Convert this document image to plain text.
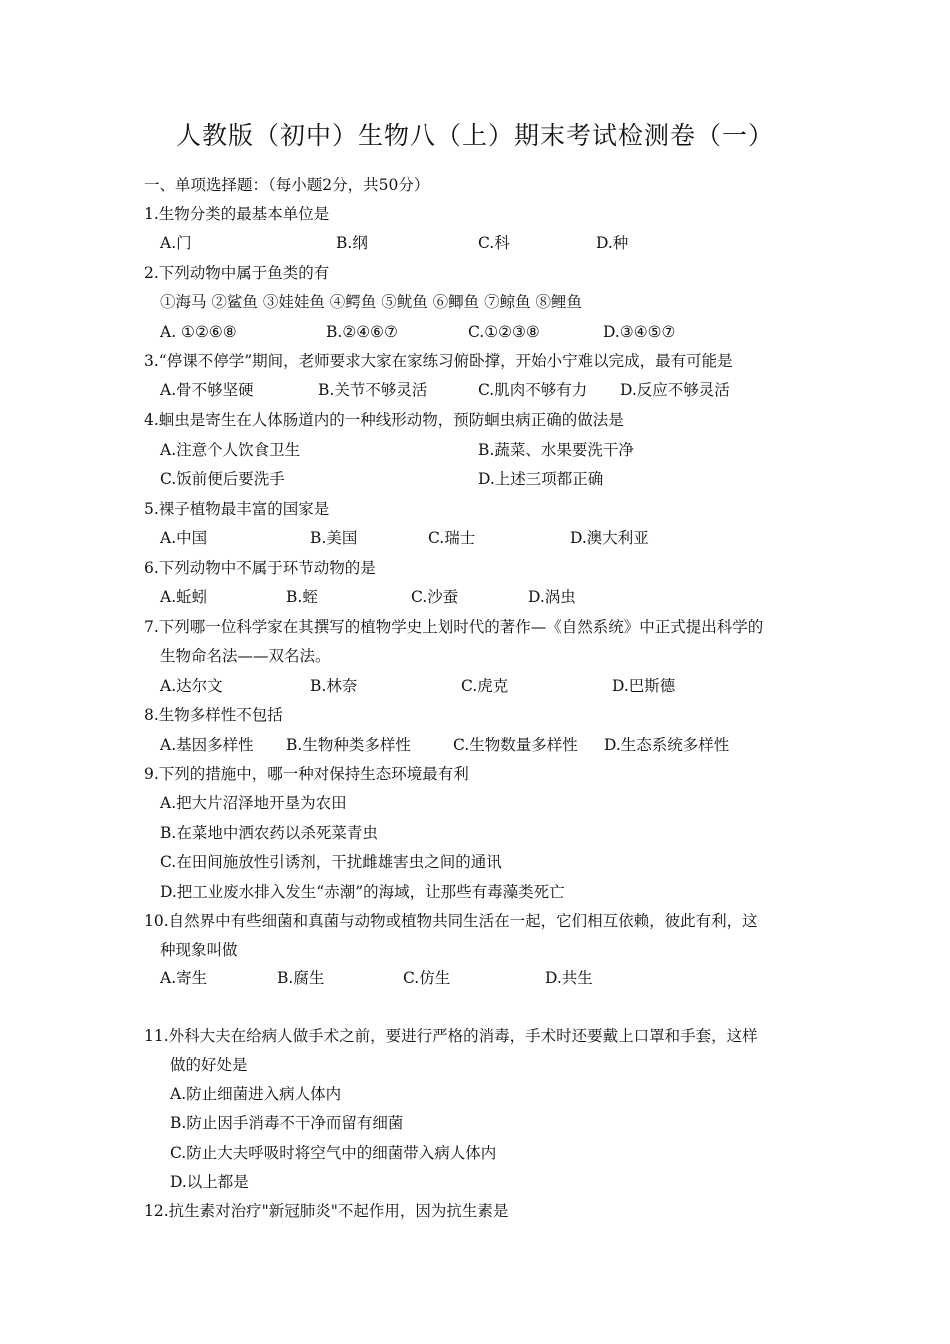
人教版（初中）生物八（上）期末考试检测卷（一）
一、单项选择题：（每小题2分，共50分）
1.生物分类的最基本单位是
A.门	B.纲	C.科	D.种
2.下列动物中属于鱼类的有
①海马 ②鲨鱼 ③娃娃鱼 ④鳄鱼 ⑤鱿鱼 ⑥鲫鱼 ⑦鲸鱼 ⑧鲤鱼
A. ①②⑥⑧	B.②④⑥⑦	C.①②③⑧	D.③④⑤⑦
3.“停课不停学”期间，老师要求大家在家练习俯卧撑，开始小宁难以完成，最有可能是
A.骨不够坚硬	B.关节不够灵活	C.肌肉不够有力 D.反应不够灵活
4.蛔虫是寄生在人体肠道内的一种线形动物，预防蛔虫病正确的做法是
A.注意个人饮食卫生	B.蔬菜、水果要洗干净
C.饭前便后要洗手	D.上述三项都正确
5.裸子植物最丰富的国家是
A.中国	B.美国	C.瑞士	D.澳大利亚
6.下列动物中不属于环节动物的是
A.蚯蚓	B.蛭	C.沙蚕	D.涡虫
7.下列哪一位科学家在其撰写的植物学史上划时代的著作—《自然系统》中正式提出科学的
生物命名法——双名法。
A.达尔文	B.林奈	C.虎克	D.巴斯德
8.生物多样性不包括
A.基因多样性 B.生物种类多样性	C.生物数量多样性 D.生态系统多样性
9.下列的措施中，哪一种对保持生态环境最有利
A.把大片沼泽地开垦为农田
B.在菜地中洒农药以杀死菜青虫
C.在田间施放性引诱剂，干扰雌雄害虫之间的通讯
D.把工业废水排入发生“赤潮”的海域，让那些有毒藻类死亡
10.自然界中有些细菌和真菌与动物或植物共同生活在一起，它们相互依赖，彼此有利，这
种现象叫做
A.寄生	B.腐生	C.仿生	D.共生
11.外科大夫在给病人做手术之前，要进行严格的消毒，手术时还要戴上口罩和手套，这样
做的好处是
A.防止细菌进入病人体内
B.防止因手消毒不干净而留有细菌
C.防止大夫呼吸时将空气中的细菌带入病人体内
D.以上都是
12.抗生素对治疗"新冠肺炎"不起作用，因为抗生素是
